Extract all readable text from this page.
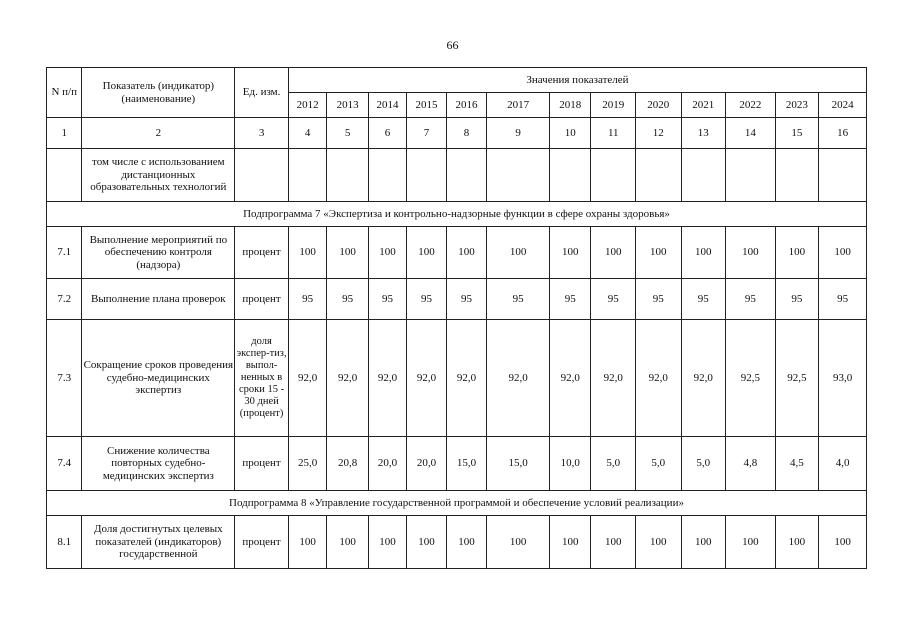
66
N п/п	Показатель (индикатор) (наименование)	Ед. изм.	Значения показателей												
			2012	2013	2014	2015	2016	2017	2018	2019	2020	2021	2022	2023	2024
1	2	3	4	5	6	7	8	9	10	11	12	13	14	15	16
	том числе с использованием дистанционных образовательных технологий														
Подпрограмма 7 «Экспертиза и контрольно-надзорные функции в сфере охраны здоровья»															
7.1	Выполнение мероприятий по обеспечению контроля (надзора)	процент	100	100	100	100	100	100	100	100	100	100	100	100	100
7.2	Выполнение плана проверок	процент	95	95	95	95	95	95	95	95	95	95	95	95	95
7.3	Сокращение сроков проведения судебно-медицинских экспертиз	доля экспер-тиз, выпол-ненных в сроки 15 - 30 дней (процент)	92,0	92,0	92,0	92,0	92,0	92,0	92,0	92,0	92,0	92,0	92,5	92,5	93,0
7.4	Снижение количества повторных судебно-медицинских экспертиз	процент	25,0	20,8	20,0	20,0	15,0	15,0	10,0	5,0	5,0	5,0	4,8	4,5	4,0
Подпрограмма 8 «Управление государственной программой и обеспечение условий реализации»															
8.1	Доля достигнутых целевых показателей (индикаторов) государственной	процент	100	100	100	100	100	100	100	100	100	100	100	100	100
